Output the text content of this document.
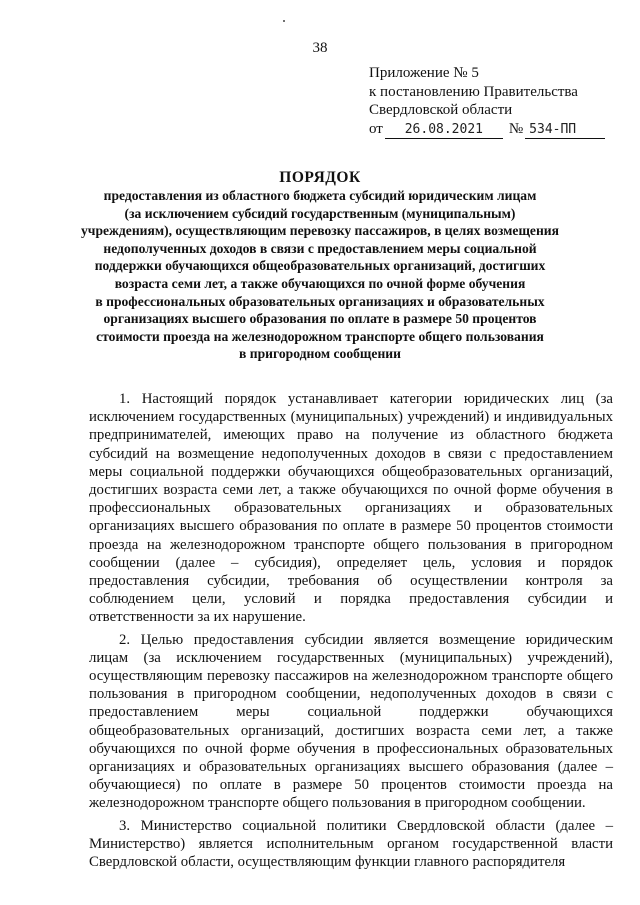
38
Приложение № 5
к постановлению Правительства
Свердловской области
от	26.08.2021	№ 534-ПП
ПОРЯДОК
предоставления из областного бюджета субсидий юридическим лицам
(за исключением субсидий государственным (муниципальным)
учреждениям), осуществляющим перевозку пассажиров, в целях возмещения
недополученных доходов в связи с предоставлением меры социальной
поддержки обучающихся общеобразовательных организаций, достигших
возраста семи лет, а также обучающихся по очной форме обучения
в профессиональных образовательных организациях и образовательных
организациях высшего образования по оплате в размере 50 процентов
стоимости проезда на железнодорожном транспорте общего пользования
в пригородном сообщении

1. Настоящий порядок устанавливает категории юридических лиц (за исключением государственных (муниципальных) учреждений) и индивидуальных предпринимателей, имеющих право на получение из областного бюджета субсидий на возмещение недополученных доходов в связи с предоставлением меры социальной поддержки обучающихся общеобразовательных организаций, достигших возраста семи лет, а также обучающихся по очной форме обучения в профессиональных образовательных организациях и образовательных организациях высшего образования по оплате в размере 50 процентов стоимости проезда на железнодорожном транспорте общего пользования в пригородном сообщении (далее – субсидия), определяет цель, условия и порядок предоставления субсидии, требования об осуществлении контроля за соблюдением цели, условий и порядка предоставления субсидии и ответственности за их нарушение.

2. Целью предоставления субсидии является возмещение юридическим лицам (за исключением государственных (муниципальных) учреждений), осуществляющим перевозку пассажиров на железнодорожном транспорте общего пользования в пригородном сообщении, недополученных доходов в связи с предоставлением меры социальной поддержки обучающихся общеобразовательных организаций, достигших возраста семи лет, а также обучающихся по очной форме обучения в профессиональных образовательных организациях и образовательных организациях высшего образования (далее – обучающиеся) по оплате в размере 50 процентов стоимости проезда на железнодорожном транспорте общего пользования в пригородном сообщении.

3. Министерство социальной политики Свердловской области (далее – Министерство) является исполнительным органом государственной власти Свердловской области, осуществляющим функции главного распорядителя
